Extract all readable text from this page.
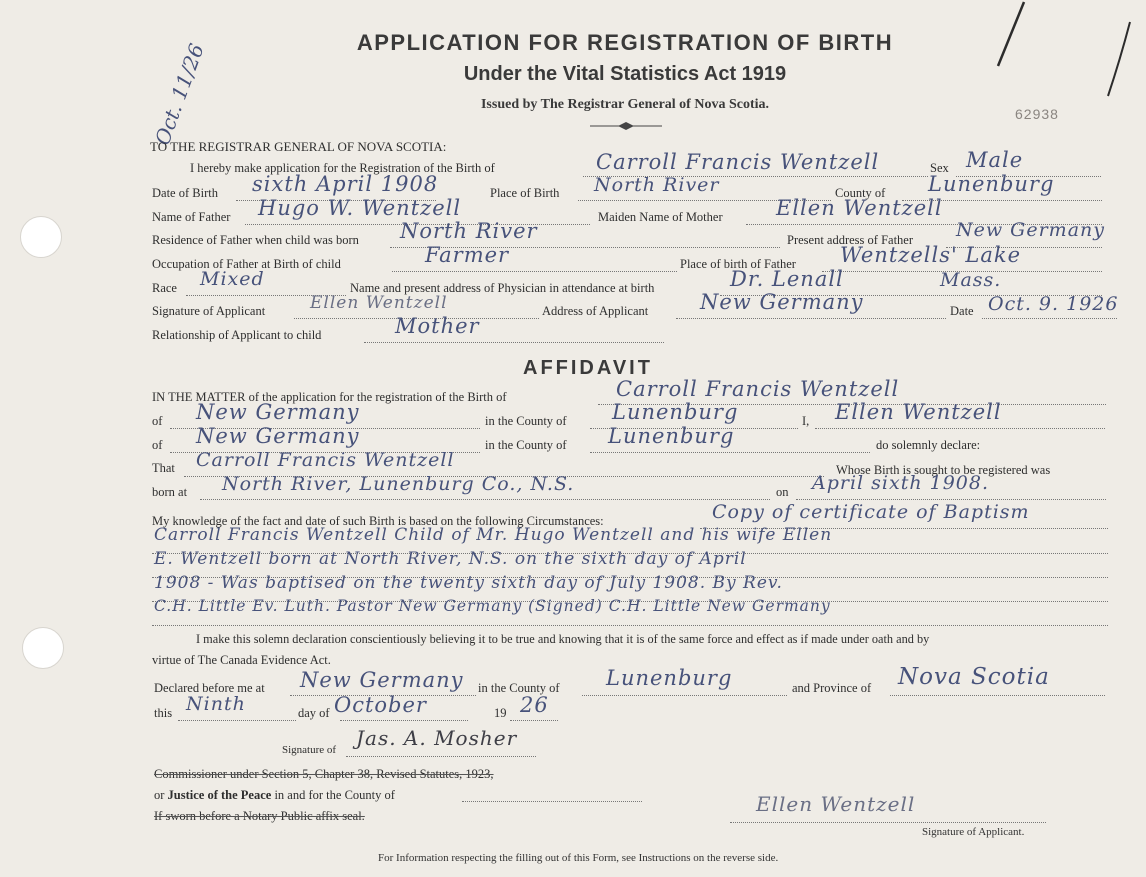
Oct. 11/26	62938
APPLICATION FOR REGISTRATION OF BIRTH
Under the Vital Statistics Act 1919
Issued by The Registrar General of Nova Scotia.
TO THE REGISTRAR GENERAL OF NOVA SCOTIA:
I hereby make application for the Registration of the Birth of	Carroll Francis Wentzell	Sex Male
Date of Birth sixth April 1908	Place of Birth North River	County of Lunenburg
Name of Father Hugo W. Wentzell	Maiden Name of Mother	Ellen Wentzell
Residence of Father when child was born North River	Present address of Father New Germany
Occupation of Father at Birth of child	Farmer	Place of birth of Father Wentzells' Lake
Race Mixed	Name and present address of Physician in attendance at birth	Dr. Lenall	Mass.
Signature of Applicant	Ellen Wentzell	Address of Applicant New Germany	Date Oct. 9. 1926
Relationship of Applicant to child	Mother
AFFIDAVIT
IN THE MATTER of the application for the registration of the Birth of	Carroll Francis Wentzell
of New Germany	in the County of Lunenburg	I, Ellen Wentzell
of New Germany	in the County of Lunenburg	do solemnly declare:
That Carroll Francis Wentzell	Whose Birth is sought to be registered was
born at North River, Lunenburg Co., N.S.	on April sixth 1908.
My knowledge of the fact and date of such Birth is based on the following Circumstances:	Copy of certificate of Baptism
Carroll Francis Wentzell Child of Mr. Hugo Wentzell and his wife Ellen
E. Wentzell born at North River, N.S. on the sixth day of April
1908 - Was baptised on the twenty sixth day of July 1908. By Rev.
C.H. Little Ev. Luth. Pastor New Germany (Signed) C.H. Little New Germany
I make this solemn declaration conscientiously believing it to be true and knowing that it is of the same force and effect as if made under oath and by
virtue of The Canada Evidence Act.
Declared before me at New Germany in the County of Lunenburg	and Province of Nova Scotia
this Ninth	day of October	19 26
Signature of Jas. A. Mosher
Commissioner under Section 5, Chapter 38, Revised Statutes, 1923,
or Justice of the Peace in and for the County of
If sworn before a Notary Public affix seal.	Ellen Wentzell
Signature of Applicant.
For Information respecting the filling out of this Form, see Instructions on the reverse side.
